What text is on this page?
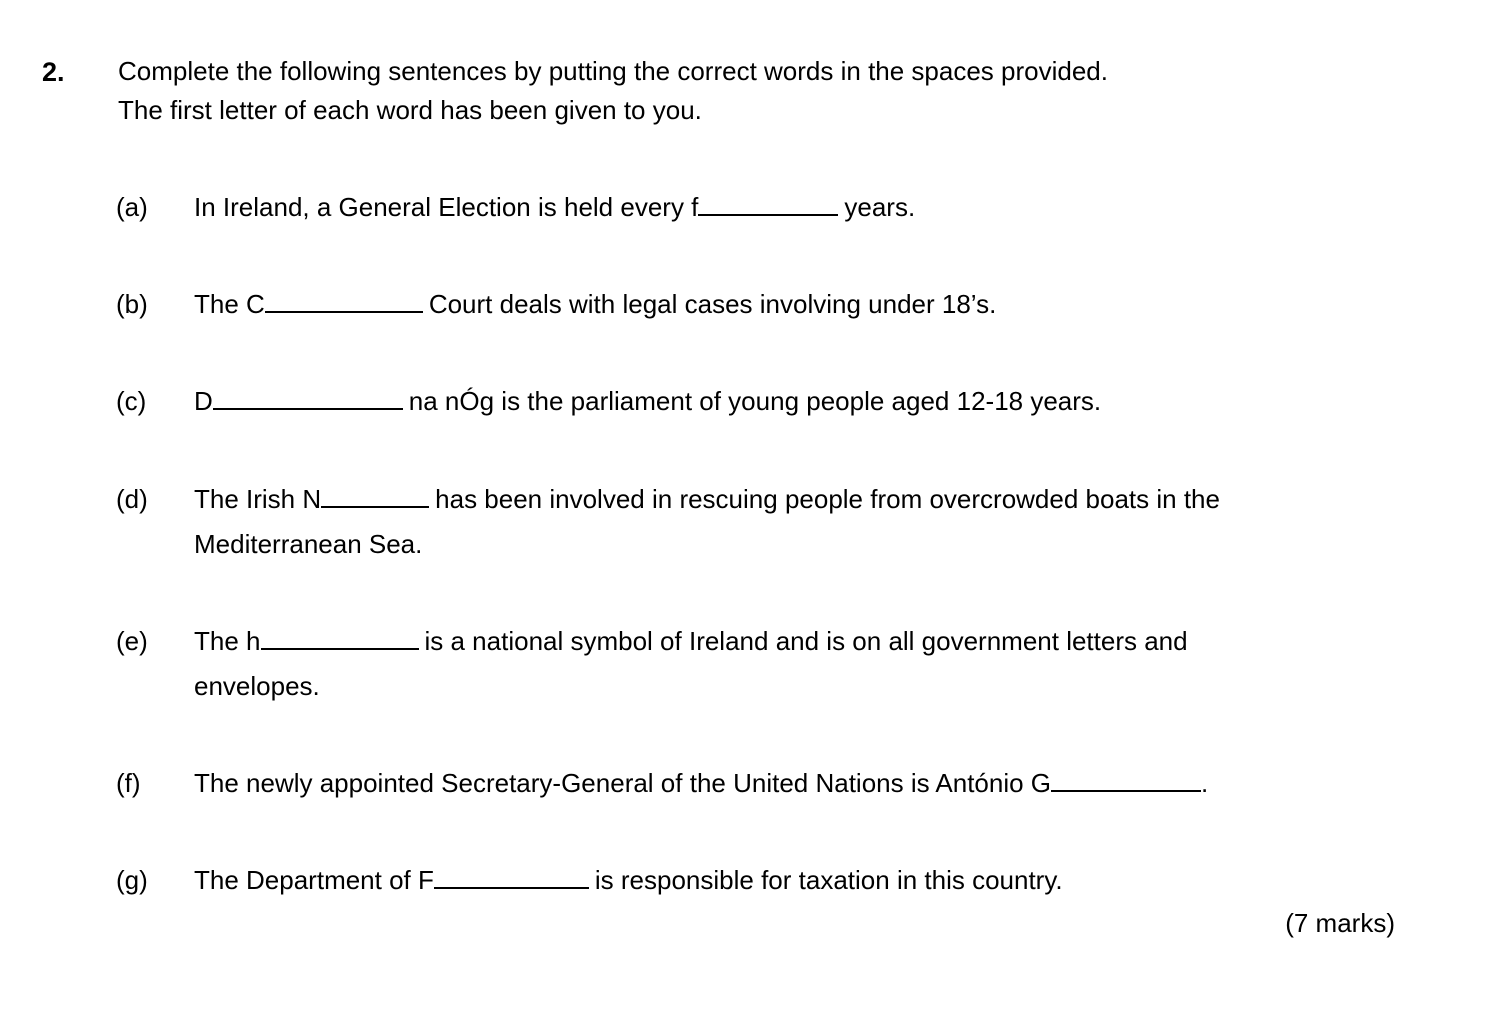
2. Complete the following sentences by putting the correct words in the spaces provided.
The first letter of each word has been given to you.
(a) In Ireland, a General Election is held every f	years.
(b) The C	Court deals with legal cases involving under 18’s.
(c) D	na nÓg is the parliament of young people aged 12-18 years.
(d) The Irish N	has been involved in rescuing people from overcrowded boats in the
Mediterranean Sea.
(e) The h	is a national symbol of Ireland and is on all government letters and
envelopes.
(f) The newly appointed Secretary-General of the United Nations is António G	.
(g) The Department of F	is responsible for taxation in this country.
(7 marks)
